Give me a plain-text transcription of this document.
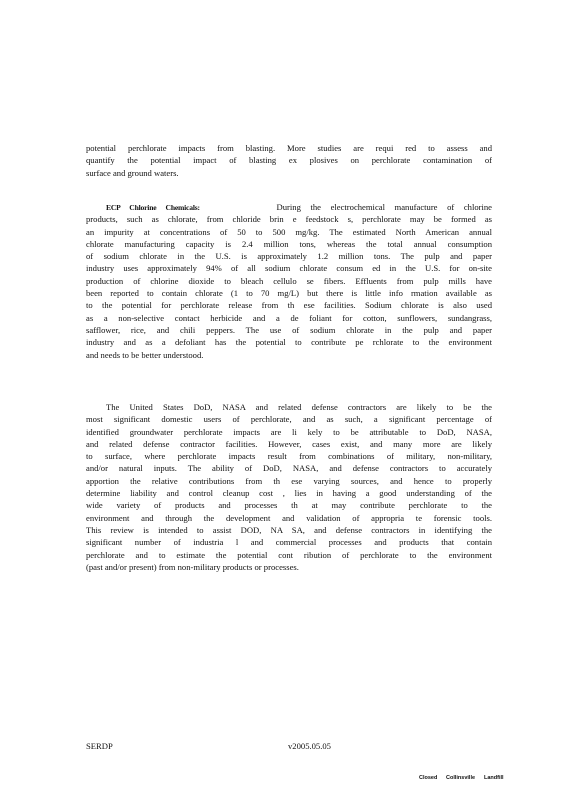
potential perchlorate impacts from blasting. More studies are requi red to assess and
quantify the potential impact of blasting ex plosives on perchlorate contamination of
surface and ground waters.
ECP Chlorine Chemicals:	During the electrochemical manufacture of chlorine
products, such as chlorate, from chloride brin e feedstock s, perchlorate may be formed as
an impurity at concentrations of 50 to 500 mg/kg. The estimated North American annual
chlorate manufacturing capacity is 2.4 million tons, whereas the total annual consumption
of sodium chlorate in the U.S. is approximately 1.2 million tons. The pulp and paper
industry uses approximately 94% of all sodium chlorate consum ed in the U.S. for on-site
production of chlorine dioxide to bleach cellulo se fibers. Effluents from pulp mills have
been reported to contain chlorate (1 to 70 mg/L) but there is little info rmation available as
to the potential for perchlorate release from th ese facilities. Sodium chlorate is also used
as a non-selective contact herbicide and a de foliant for cotton, sunflowers, sundangrass,
safflower, rice, and chili peppers. The use of sodium chlorate in the pulp and paper
industry and as a defoliant has the potential to contribute pe rchlorate to the environment
and needs to be better understood.
The United States DoD, NASA and related defense contractors are likely to be the
most significant domestic users of perchlorate, and as such, a significant percentage of
identified groundwater perchlorate impacts are li kely to be attributable to DoD, NASA,
and related defense contractor facilities. However, cases exist, and many more are likely
to surface, where perchlorate impacts result from combinations of military, non-military,
and/or natural inputs. The ability of DoD, NASA, and defense contractors to accurately
apportion the relative contributions from th ese varying sources, and hence to properly
determine liability and control cleanup cost , lies in having a good understanding of the
wide variety of products and processes th at may contribute perchlorate to the
environment and through the development and validation of appropria te forensic tools.
This review is intended to assist DOD, NA SA, and defense contractors in identifying the
significant number of industria l and commercial processes and products that contain
perchlorate and to estimate the potential cont ribution of perchlorate to the environment
(past and/or present) from non-military products or processes.
SERDP	v2005.05.05
Closed Collinsville Landfill
